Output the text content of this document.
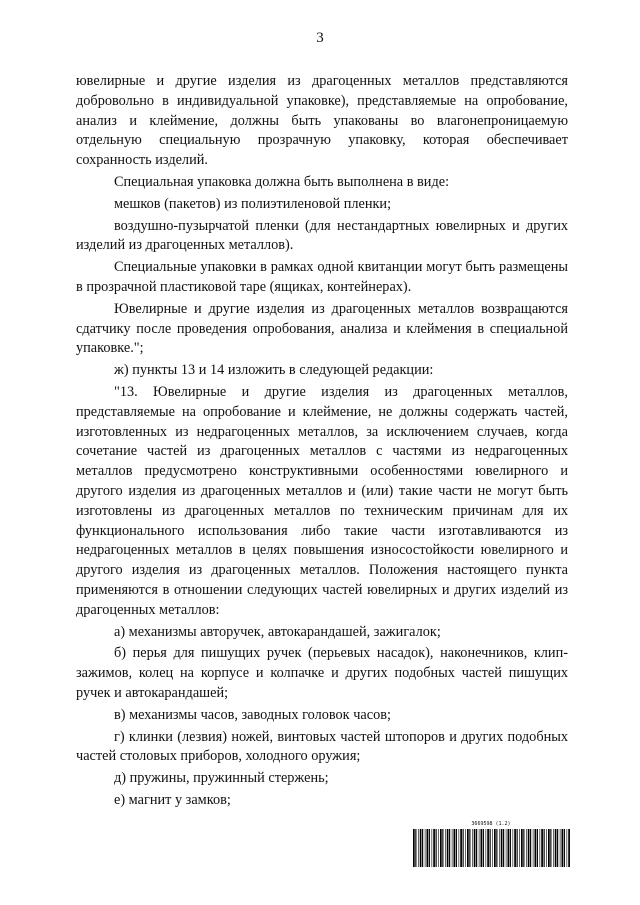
3

ювелирные и другие изделия из драгоценных металлов представляются добровольно в индивидуальной упаковке), представляемые на опробование, анализ и клеймение, должны быть упакованы во влагонепроницаемую отдельную специальную прозрачную упаковку, которая обеспечивает сохранность изделий.

Специальная упаковка должна быть выполнена в виде:

мешков (пакетов) из полиэтиленовой пленки;

воздушно-пузырчатой пленки (для нестандартных ювелирных и других изделий из драгоценных металлов).

Специальные упаковки в рамках одной квитанции могут быть размещены в прозрачной пластиковой таре (ящиках, контейнерах).

Ювелирные и другие изделия из драгоценных металлов возвращаются сдатчику после проведения опробования, анализа и клеймения в специальной упаковке.";

ж) пункты 13 и 14 изложить в следующей редакции:

"13. Ювелирные и другие изделия из драгоценных металлов, представляемые на опробование и клеймение, не должны содержать частей, изготовленных из недрагоценных металлов, за исключением случаев, когда сочетание частей из драгоценных металлов с частями из недрагоценных металлов предусмотрено конструктивными особенностями ювелирного и другого изделия из драгоценных металлов и (или) такие части не могут быть изготовлены из драгоценных металлов по техническим причинам для их функционального использования либо такие части изготавливаются из недрагоценных металлов в целях повышения износостойкости ювелирного и другого изделия из драгоценных металлов. Положения настоящего пункта применяются в отношении следующих частей ювелирных и других изделий из драгоценных металлов:

а) механизмы авторучек, автокарандашей, зажигалок;

б) перья для пишущих ручек (перьевых насадок), наконечников, клип-зажимов, колец на корпусе и колпачке и других подобных частей пишущих ручек и автокарандашей;

в) механизмы часов, заводных головок часов;

г) клинки (лезвия) ножей, винтовых частей штопоров и других подобных частей столовых приборов, холодного оружия;

д) пружины, пружинный стержень;

е) магнит у замков;

3669598 (1.2)
